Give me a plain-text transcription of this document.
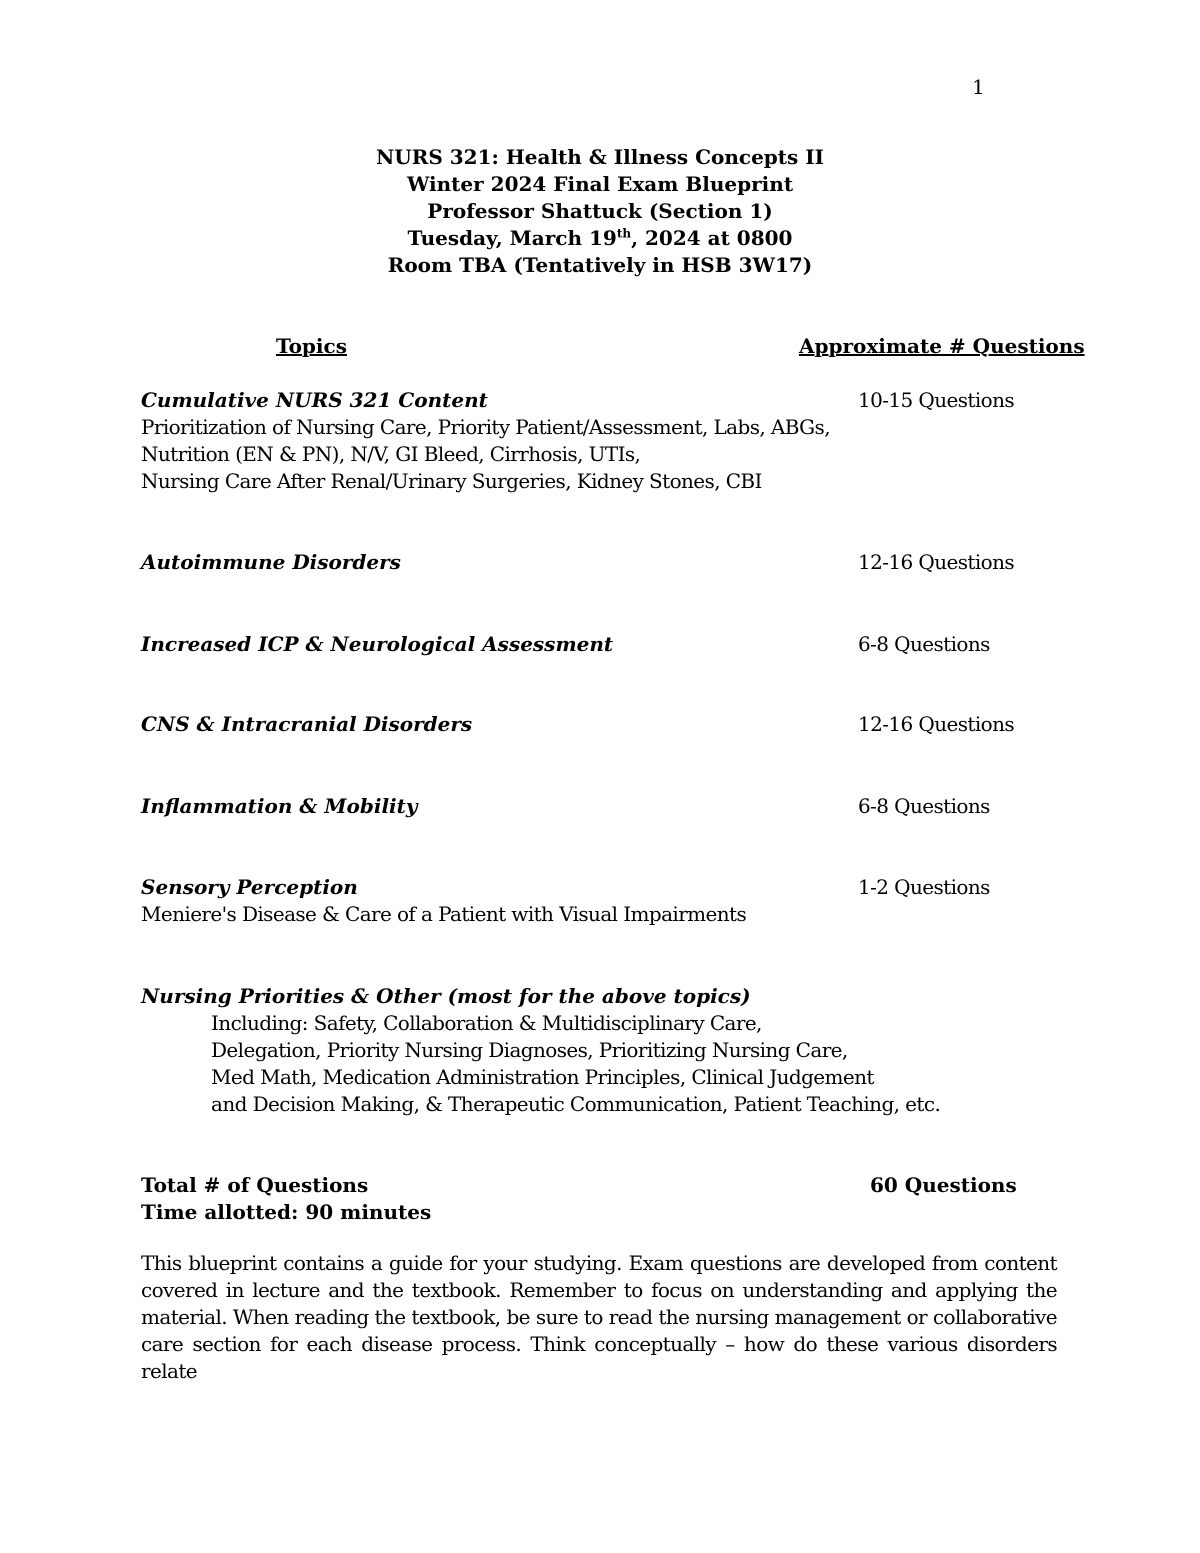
1
NURS 321: Health & Illness Concepts II
Winter 2024 Final Exam Blueprint
Professor Shattuck (Section 1)
Tuesday, March 19th, 2024 at 0800
Room TBA (Tentatively in HSB 3W17)
Topics	Approximate # Questions
Cumulative NURS 321 Content	10-15 Questions
Prioritization of Nursing Care, Priority Patient/Assessment, Labs, ABGs,
Nutrition (EN & PN), N/V, GI Bleed, Cirrhosis, UTIs,
Nursing Care After Renal/Urinary Surgeries, Kidney Stones, CBI
Autoimmune Disorders	12-16 Questions
Increased ICP & Neurological Assessment	6-8 Questions
CNS & Intracranial Disorders	12-16 Questions
Inflammation & Mobility	6-8 Questions
Sensory Perception	1-2 Questions
Meniere's Disease & Care of a Patient with Visual Impairments
Nursing Priorities & Other (most for the above topics)
Including: Safety, Collaboration & Multidisciplinary Care,
Delegation, Priority Nursing Diagnoses, Prioritizing Nursing Care,
Med Math, Medication Administration Principles, Clinical Judgement
and Decision Making, & Therapeutic Communication, Patient Teaching, etc.
Total # of Questions	60 Questions
Time allotted: 90 minutes
This blueprint contains a guide for your studying. Exam questions are developed from content covered in lecture and the textbook. Remember to focus on understanding and applying the material. When reading the textbook, be sure to read the nursing management or collaborative care section for each disease process. Think conceptually – how do these various disorders relate
